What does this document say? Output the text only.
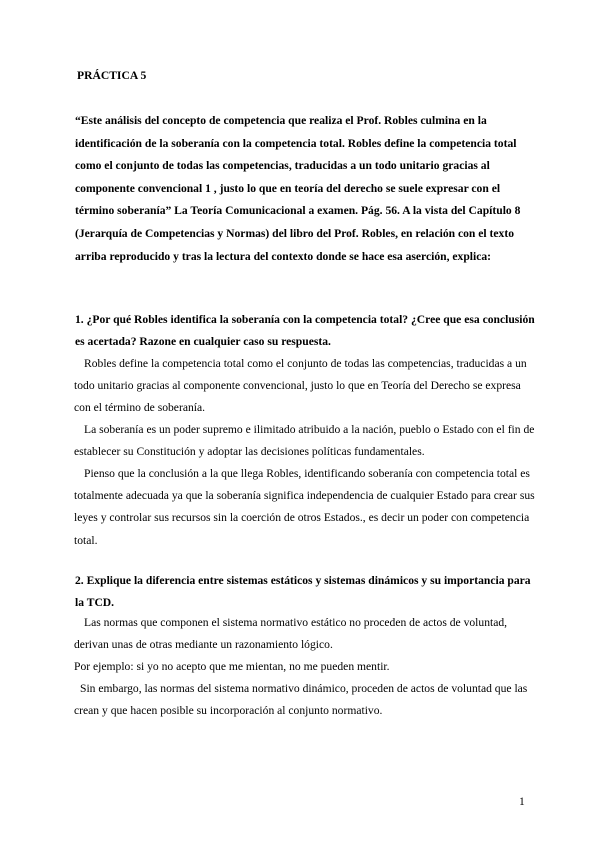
PRÁCTICA 5

“Este análisis del concepto de competencia que realiza el Prof. Robles culmina en la identificación de la soberanía con la competencia total. Robles define la competencia total como el conjunto de todas las competencias, traducidas a un todo unitario gracias al componente convencional 1 , justo lo que en teoría del derecho se suele expresar con el término soberanía” La Teoría Comunicacional a examen. Pág. 56. A la vista del Capítulo 8 (Jerarquía de Competencias y Normas) del libro del Prof. Robles, en relación con el texto arriba reproducido y tras la lectura del contexto donde se hace esa aserción, explica:

1. ¿Por qué Robles identifica la soberanía con la competencia total? ¿Cree que esa conclusión es acertada? Razone en cualquier caso su respuesta.

Robles define la competencia total como el conjunto de todas las competencias, traducidas a un todo unitario gracias al componente convencional, justo lo que en Teoría del Derecho se expresa con el término de soberanía.

La soberanía es un poder supremo e ilimitado atribuido a la nación, pueblo o Estado con el fin de establecer su Constitución y adoptar las decisiones políticas fundamentales.

Pienso que la conclusión a la que llega Robles, identificando soberanía con competencia total es totalmente adecuada ya que la soberanía significa independencia de cualquier Estado para crear sus leyes y controlar sus recursos sin la coerción de otros Estados., es decir un poder con competencia total.

2. Explique la diferencia entre sistemas estáticos y sistemas dinámicos y su importancia para la TCD.

Las normas que componen el sistema normativo estático no proceden de actos de voluntad, derivan unas de otras mediante un razonamiento lógico.

Por ejemplo: si yo no acepto que me mientan, no me pueden mentir.

Sin embargo, las normas del sistema normativo dinámico, proceden de actos de voluntad que las crean y que hacen posible su incorporación al conjunto normativo.

1
